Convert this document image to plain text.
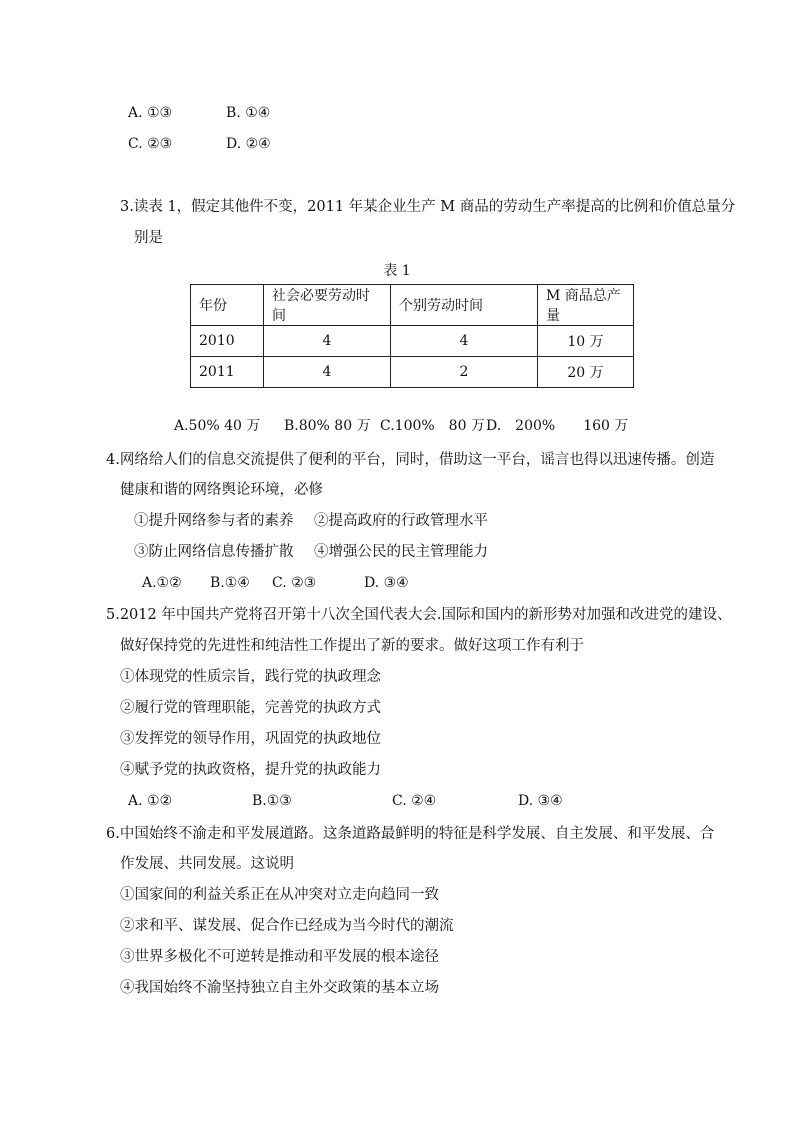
A. ①③	B. ①④
C. ②③	D. ②④
3.读表 1，假定其他件不变，2011 年某企业生产 M 商品的劳动生产率提高的比例和价值总量分
别是
表 1
年份	社会必要劳动时间	个别劳动时间	M 商品总产量
2010	4	4	10 万
2011	4	2	20 万
A.50% 40 万 B.80% 80 万 C.100%　80 万 D.　200%　　160 万
4.网络给人们的信息交流提供了便利的平台，同时，借助这一平台，谣言也得以迅速传播。创造
健康和谐的网络舆论环境，必修
①提升网络参与者的素养 ②提高政府的行政管理水平
③防止网络信息传播扩散 ④增强公民的民主管理能力
A.①② B.①④ C. ②③	D. ③④
5.2012 年中国共产党将召开第十八次全国代表大会.国际和国内的新形势对加强和改进党的建设、
做好保持党的先进性和纯洁性工作提出了新的要求。做好这项工作有利于
①体现党的性质宗旨，践行党的执政理念
②履行党的管理职能，完善党的执政方式
③发挥党的领导作用，巩固党的执政地位
④赋予党的执政资格，提升党的执政能力
A. ①②	B.①③	C. ②④	D. ③④
6.中国始终不渝走和平发展道路。这条道路最鲜明的特征是科学发展、自主发展、和平发展、合
作发展、共同发展。这说明
①国家间的利益关系正在从冲突对立走向趋同一致
②求和平、谋发展、促合作已经成为当今时代的潮流
③世界多极化不可逆转是推动和平发展的根本途径
④我国始终不渝坚持独立自主外交政策的基本立场
